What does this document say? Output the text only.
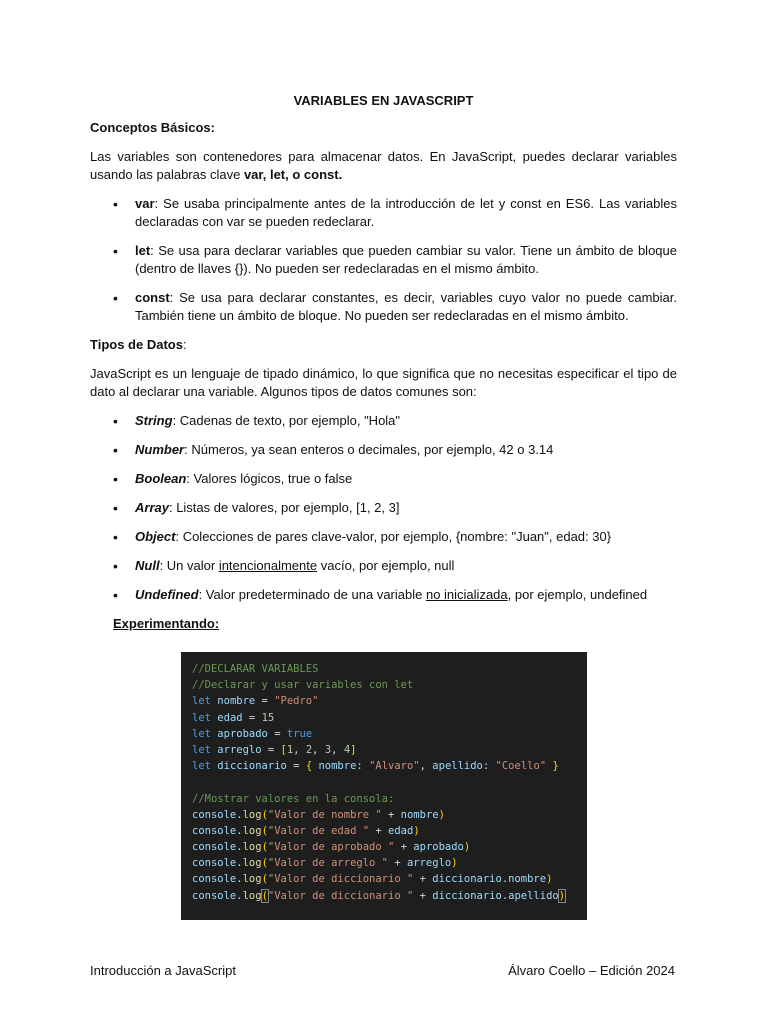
VARIABLES EN JAVASCRIPT
Conceptos Básicos:

Las variables son contenedores para almacenar datos. En JavaScript, puedes declarar variables usando las palabras clave var, let, o const.

• var: Se usaba principalmente antes de la introducción de let y const en ES6. Las variables declaradas con var se pueden redeclarar.
• let: Se usa para declarar variables que pueden cambiar su valor. Tiene un ámbito de bloque (dentro de llaves {}). No pueden ser redeclaradas en el mismo ámbito.
• const: Se usa para declarar constantes, es decir, variables cuyo valor no puede cambiar. También tiene un ámbito de bloque. No pueden ser redeclaradas en el mismo ámbito.
Tipos de Datos:

JavaScript es un lenguaje de tipado dinámico, lo que significa que no necesitas especificar el tipo de dato al declarar una variable. Algunos tipos de datos comunes son:

• String: Cadenas de texto, por ejemplo, "Hola"
• Number: Números, ya sean enteros o decimales, por ejemplo, 42 o 3.14
• Boolean: Valores lógicos, true o false
• Array: Listas de valores, por ejemplo, [1, 2, 3]
• Object: Colecciones de pares clave-valor, por ejemplo, {nombre: "Juan", edad: 30}
• Null: Un valor intencionalmente vacío, por ejemplo, null
• Undefined: Valor predeterminado de una variable no inicializada, por ejemplo, undefined
Experimentando:
//DECLARAR VARIABLES
//Declarar y usar variables con let
let nombre = "Pedro"
let edad = 15
let aprobado = true
let arreglo = [1, 2, 3, 4]
let diccionario = { nombre: "Alvaro", apellido: "Coello" }

//Mostrar valores en la consola:
console.log("Valor de nombre " + nombre)
console.log("Valor de edad " + edad)
console.log("Valor de aprobado " + aprobado)
console.log("Valor de arreglo " + arreglo)
console.log("Valor de diccionario " + diccionario.nombre)
console.log("Valor de diccionario " + diccionario.apellido)
Introducción a JavaScript	Álvaro Coello – Edición 2024
